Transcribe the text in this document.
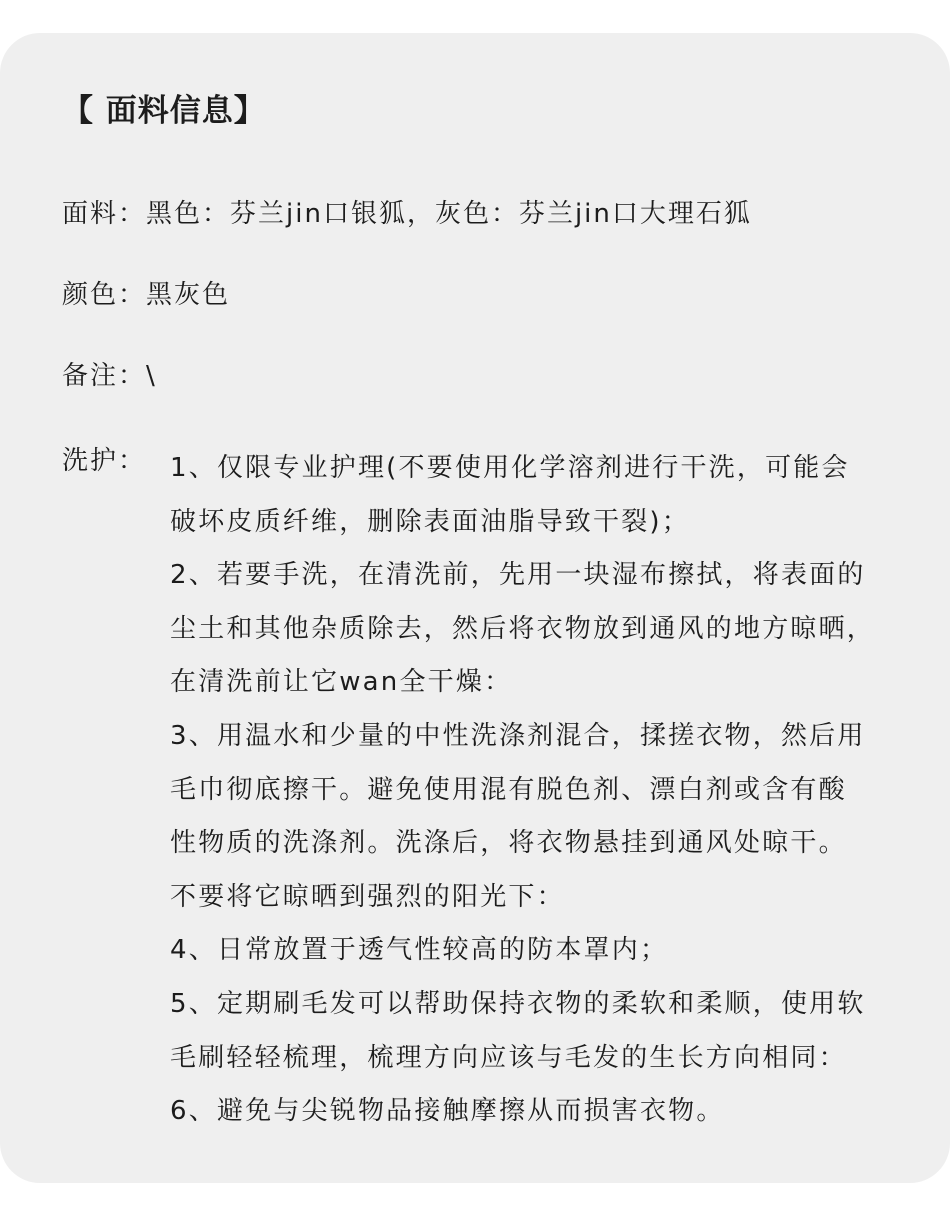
【 面料信息】
面料：黑色：芬兰jin口银狐，灰色：芬兰jin口大理石狐
颜色：黑灰色
备注：\
洗护： 1、仅限专业护理(不要使用化学溶剂进行干洗，可能会
破坏皮质纤维，删除表面油脂导致干裂)；
2、若要手洗，在清洗前，先用一块湿布擦拭，将表面的
尘土和其他杂质除去，然后将衣物放到通风的地方晾晒，
在清洗前让它wan全干燥：
3、用温水和少量的中性洗涤剂混合，揉搓衣物，然后用
毛巾彻底擦干。避免使用混有脱色剂、漂白剂或含有酸
性物质的洗涤剂。洗涤后，将衣物悬挂到通风处晾干。
不要将它晾晒到强烈的阳光下：
4、日常放置于透气性较高的防本罩内；
5、定期刷毛发可以帮助保持衣物的柔软和柔顺，使用软
毛刷轻轻梳理，梳理方向应该与毛发的生长方向相同：
6、避免与尖锐物品接触摩擦从而损害衣物。
